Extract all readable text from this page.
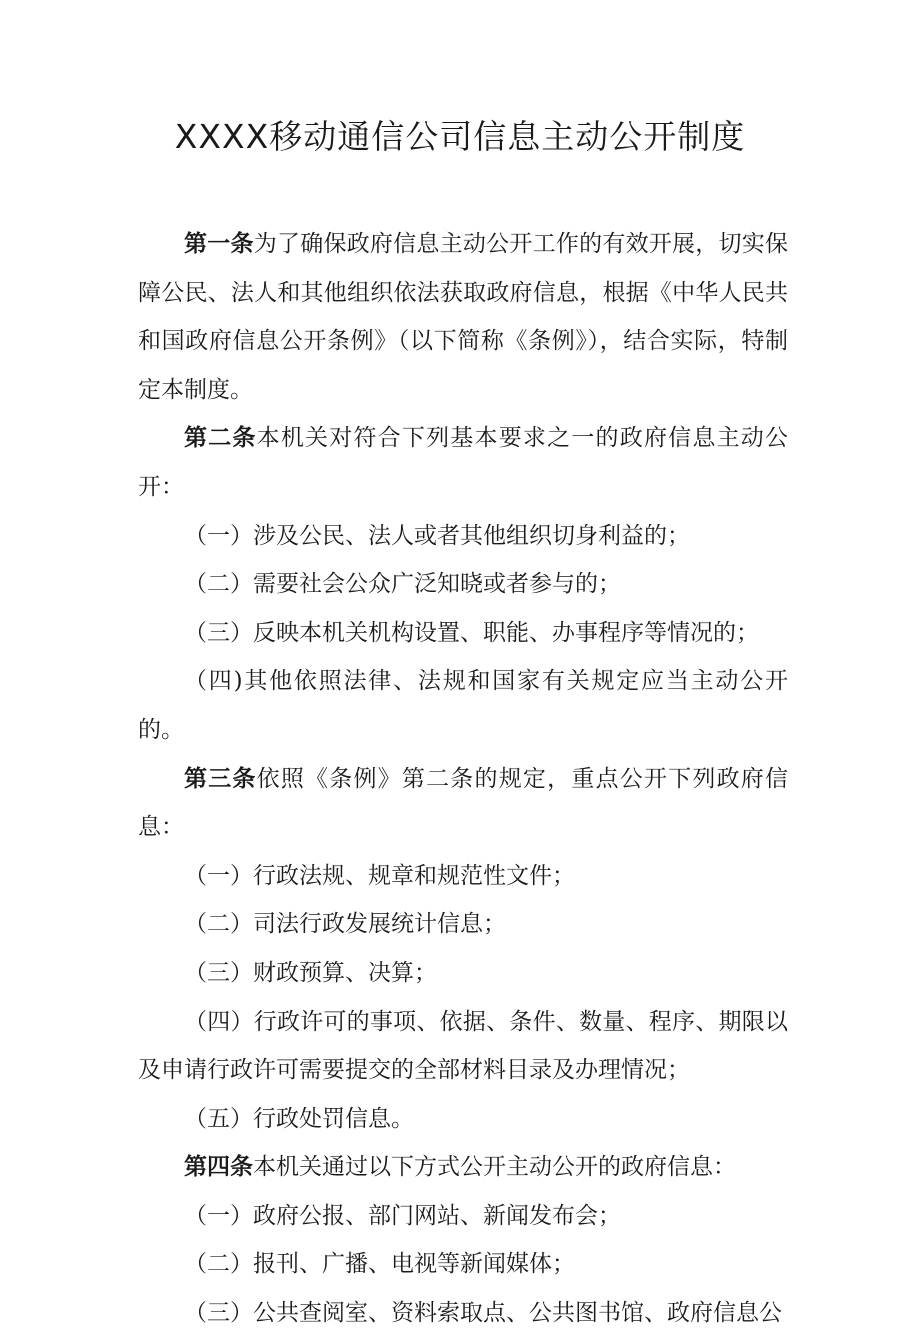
XXXX移动通信公司信息主动公开制度

第一条为了确保政府信息主动公开工作的有效开展，切实保障公民、法人和其他组织依法获取政府信息，根据《中华人民共和国政府信息公开条例》（以下简称《条例》），结合实际，特制定本制度。

第二条本机关对符合下列基本要求之一的政府信息主动公开：

（一）涉及公民、法人或者其他组织切身利益的；

（二）需要社会公众广泛知晓或者参与的；

（三）反映本机关机构设置、职能、办事程序等情况的；

（四)其他依照法律、法规和国家有关规定应当主动公开的。

第三条依照《条例》第二条的规定，重点公开下列政府信息：

（一）行政法规、规章和规范性文件；

（二）司法行政发展统计信息；

（三）财政预算、决算；

（四）行政许可的事项、依据、条件、数量、程序、期限以及申请行政许可需要提交的全部材料目录及办理情况；

（五）行政处罚信息。

第四条本机关通过以下方式公开主动公开的政府信息：

（一）政府公报、部门网站、新闻发布会；

（二）报刊、广播、电视等新闻媒体；

（三）公共查阅室、资料索取点、公共图书馆、政府信息公
